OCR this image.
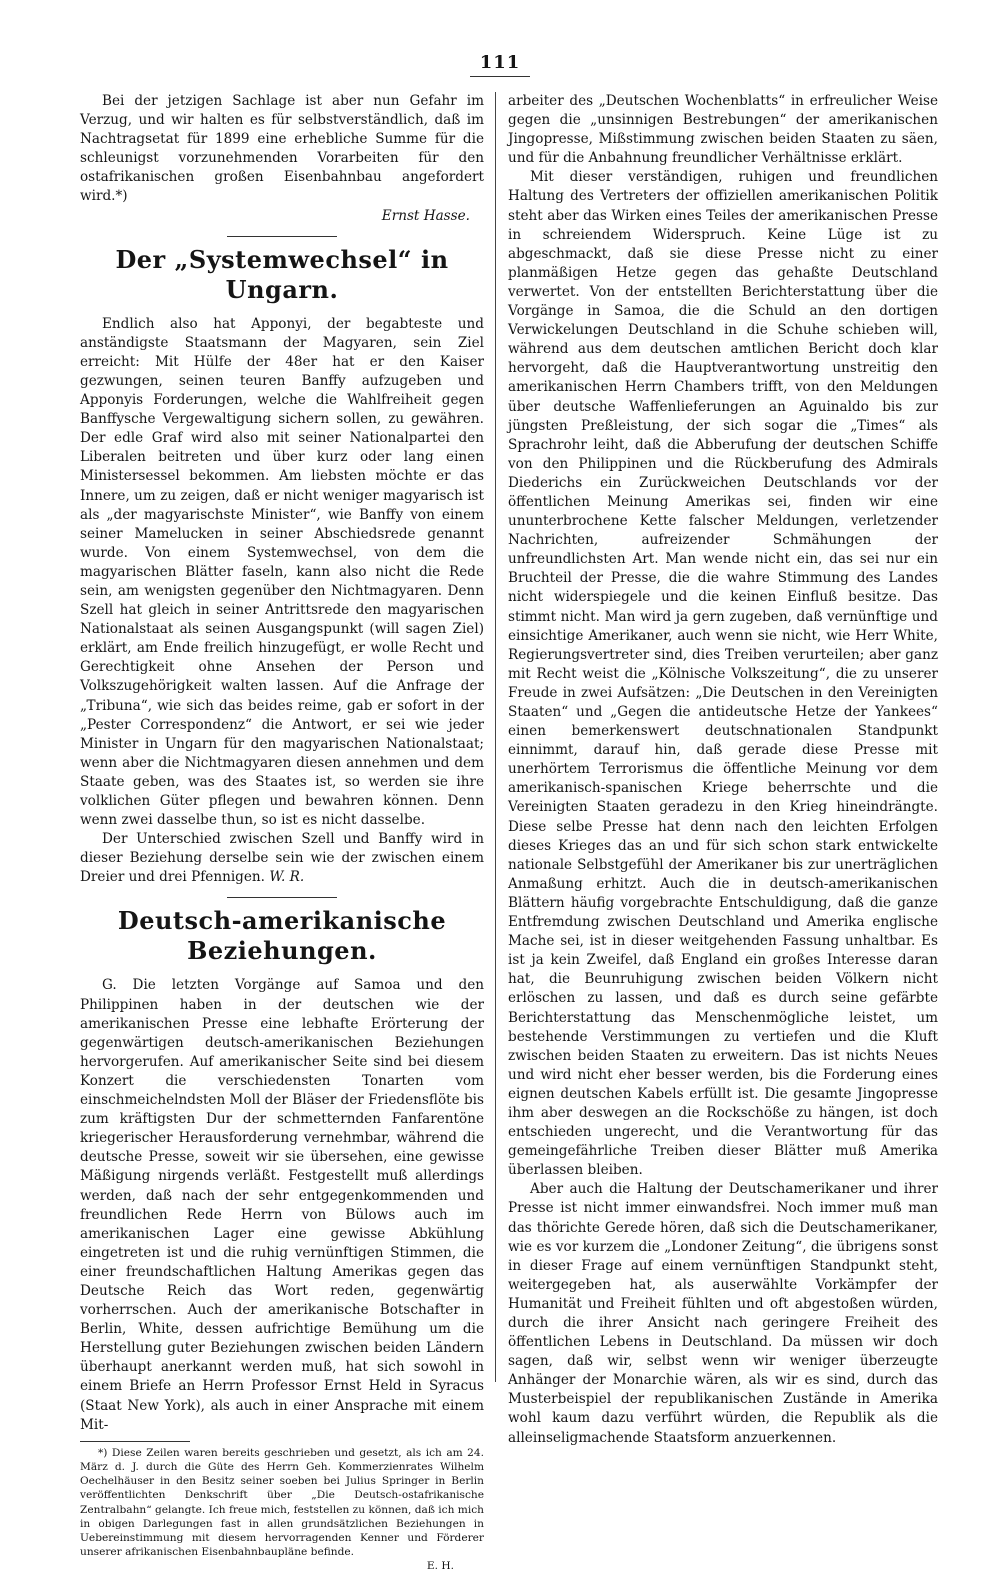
111

Bei der jetzigen Sachlage ist aber nun Gefahr im Verzug, und wir halten es für selbstverständlich, daß im Nachtragsetat für 1899 eine erhebliche Summe für die schleunigst vorzunehmenden Vorarbeiten für den ostafrikanischen großen Eisenbahnbau angefordert wird.*)

Ernst Hasse.

Der „Systemwechsel“ in Ungarn.

Endlich also hat Apponyi, der begabteste und anständigste Staatsmann der Magyaren, sein Ziel erreicht: Mit Hülfe der 48er hat er den Kaiser gezwungen, seinen teuren Banffy aufzugeben und Apponyis Forderungen, welche die Wahlfreiheit gegen Banffysche Vergewaltigung sichern sollen, zu gewähren. Der edle Graf wird also mit seiner Nationalpartei den Liberalen beitreten und über kurz oder lang einen Ministersessel bekommen. Am liebsten möchte er das Innere, um zu zeigen, daß er nicht weniger magyarisch ist als „der magyarischste Minister“, wie Banffy von einem seiner Mamelucken in seiner Abschiedsrede genannt wurde. Von einem Systemwechsel, von dem die magyarischen Blätter faseln, kann also nicht die Rede sein, am wenigsten gegenüber den Nichtmagyaren. Denn Szell hat gleich in seiner Antrittsrede den magyarischen Nationalstaat als seinen Ausgangspunkt (will sagen Ziel) erklärt, am Ende freilich hinzugefügt, er wolle Recht und Gerechtigkeit ohne Ansehen der Person und Volkszugehörigkeit walten lassen. Auf die Anfrage der „Tribuna“, wie sich das beides reime, gab er sofort in der „Pester Correspondenz“ die Antwort, er sei wie jeder Minister in Ungarn für den magyarischen Nationalstaat; wenn aber die Nichtmagyaren diesen annehmen und dem Staate geben, was des Staates ist, so werden sie ihre volklichen Güter pflegen und bewahren können. Denn wenn zwei dasselbe thun, so ist es nicht dasselbe.

Der Unterschied zwischen Szell und Banffy wird in dieser Beziehung derselbe sein wie der zwischen einem Dreier und drei Pfennigen. W. R.

Deutsch-amerikanische Beziehungen.

G. Die letzten Vorgänge auf Samoa und den Philippinen haben in der deutschen wie der amerikanischen Presse eine lebhafte Erörterung der gegenwärtigen deutsch-amerikanischen Beziehungen hervorgerufen. Auf amerikanischer Seite sind bei diesem Konzert die verschiedensten Tonarten vom einschmeichelndsten Moll der Bläser der Friedensflöte bis zum kräftigsten Dur der schmetternden Fanfarentöne kriegerischer Herausforderung vernehmbar, während die deutsche Presse, soweit wir sie übersehen, eine gewisse Mäßigung nirgends verläßt. Festgestellt muß allerdings werden, daß nach der sehr entgegenkommenden und freundlichen Rede Herrn von Bülows auch im amerikanischen Lager eine gewisse Abkühlung eingetreten ist und die ruhig vernünftigen Stimmen, die einer freundschaftlichen Haltung Amerikas gegen das Deutsche Reich das Wort reden, gegenwärtig vorherrschen. Auch der amerikanische Botschafter in Berlin, White, dessen aufrichtige Bemühung um die Herstellung guter Beziehungen zwischen beiden Ländern überhaupt anerkannt werden muß, hat sich sowohl in einem Briefe an Herrn Professor Ernst Held in Syracus (Staat New York), als auch in einer Ansprache mit einem Mit-

*) Diese Zeilen waren bereits geschrieben und gesetzt, als ich am 24. März d. J. durch die Güte des Herrn Geh. Kommerzienrates Wilhelm Oechelhäuser in den Besitz seiner soeben bei Julius Springer in Berlin veröffentlichten Denkschrift über „Die Deutsch-ostafrikanische Zentralbahn“ gelangte. Ich freue mich, feststellen zu können, daß ich mich in obigen Darlegungen fast in allen grundsätzlichen Beziehungen in Uebereinstimmung mit diesem hervorragenden Kenner und Förderer unserer afrikanischen Eisenbahnbaupläne befinde.

E. H.

arbeiter des „Deutschen Wochenblatts“ in erfreulicher Weise gegen die „unsinnigen Bestrebungen“ der amerikanischen Jingopresse, Mißstimmung zwischen beiden Staaten zu säen, und für die Anbahnung freundlicher Verhältnisse erklärt.

Mit dieser verständigen, ruhigen und freundlichen Haltung des Vertreters der offiziellen amerikanischen Politik steht aber das Wirken eines Teiles der amerikanischen Presse in schreiendem Widerspruch. Keine Lüge ist zu abgeschmackt, daß sie diese Presse nicht zu einer planmäßigen Hetze gegen das gehaßte Deutschland verwertet. Von der entstellten Berichterstattung über die Vorgänge in Samoa, die die Schuld an den dortigen Verwickelungen Deutschland in die Schuhe schieben will, während aus dem deutschen amtlichen Bericht doch klar hervorgeht, daß die Hauptverantwortung unstreitig den amerikanischen Herrn Chambers trifft, von den Meldungen über deutsche Waffenlieferungen an Aguinaldo bis zur jüngsten Preßleistung, der sich sogar die „Times“ als Sprachrohr leiht, daß die Abberufung der deutschen Schiffe von den Philippinen und die Rückberufung des Admirals Diederichs ein Zurückweichen Deutschlands vor der öffentlichen Meinung Amerikas sei, finden wir eine ununterbrochene Kette falscher Meldungen, verletzender Nachrichten, aufreizender Schmähungen der unfreundlichsten Art. Man wende nicht ein, das sei nur ein Bruchteil der Presse, die die wahre Stimmung des Landes nicht widerspiegele und die keinen Einfluß besitze. Das stimmt nicht. Man wird ja gern zugeben, daß vernünftige und einsichtige Amerikaner, auch wenn sie nicht, wie Herr White, Regierungsvertreter sind, dies Treiben verurteilen; aber ganz mit Recht weist die „Kölnische Volkszeitung“, die zu unserer Freude in zwei Aufsätzen: „Die Deutschen in den Vereinigten Staaten“ und „Gegen die antideutsche Hetze der Yankees“ einen bemerkenswert deutschnationalen Standpunkt einnimmt, darauf hin, daß gerade diese Presse mit unerhörtem Terrorismus die öffentliche Meinung vor dem amerikanisch-spanischen Kriege beherrschte und die Vereinigten Staaten geradezu in den Krieg hineindrängte. Diese selbe Presse hat denn nach den leichten Erfolgen dieses Krieges das an und für sich schon stark entwickelte nationale Selbstgefühl der Amerikaner bis zur unerträglichen Anmaßung erhitzt. Auch die in deutsch-amerikanischen Blättern häufig vorgebrachte Entschuldigung, daß die ganze Entfremdung zwischen Deutschland und Amerika englische Mache sei, ist in dieser weitgehenden Fassung unhaltbar. Es ist ja kein Zweifel, daß England ein großes Interesse daran hat, die Beunruhigung zwischen beiden Völkern nicht erlöschen zu lassen, und daß es durch seine gefärbte Berichterstattung das Menschenmögliche leistet, um bestehende Verstimmungen zu vertiefen und die Kluft zwischen beiden Staaten zu erweitern. Das ist nichts Neues und wird nicht eher besser werden, bis die Forderung eines eignen deutschen Kabels erfüllt ist. Die gesamte Jingopresse ihm aber deswegen an die Rockschöße zu hängen, ist doch entschieden ungerecht, und die Verantwortung für das gemeingefährliche Treiben dieser Blätter muß Amerika überlassen bleiben.

Aber auch die Haltung der Deutschamerikaner und ihrer Presse ist nicht immer einwandsfrei. Noch immer muß man das thörichte Gerede hören, daß sich die Deutschamerikaner, wie es vor kurzem die „Londoner Zeitung“, die übrigens sonst in dieser Frage auf einem vernünftigen Standpunkt steht, weitergegeben hat, als auserwählte Vorkämpfer der Humanität und Freiheit fühlten und oft abgestoßen würden, durch die ihrer Ansicht nach geringere Freiheit des öffentlichen Lebens in Deutschland. Da müssen wir doch sagen, daß wir, selbst wenn wir weniger überzeugte Anhänger der Monarchie wären, als wir es sind, durch das Musterbeispiel der republikanischen Zustände in Amerika wohl kaum dazu verführt würden, die Republik als die alleinseligmachende Staatsform anzuerkennen.
